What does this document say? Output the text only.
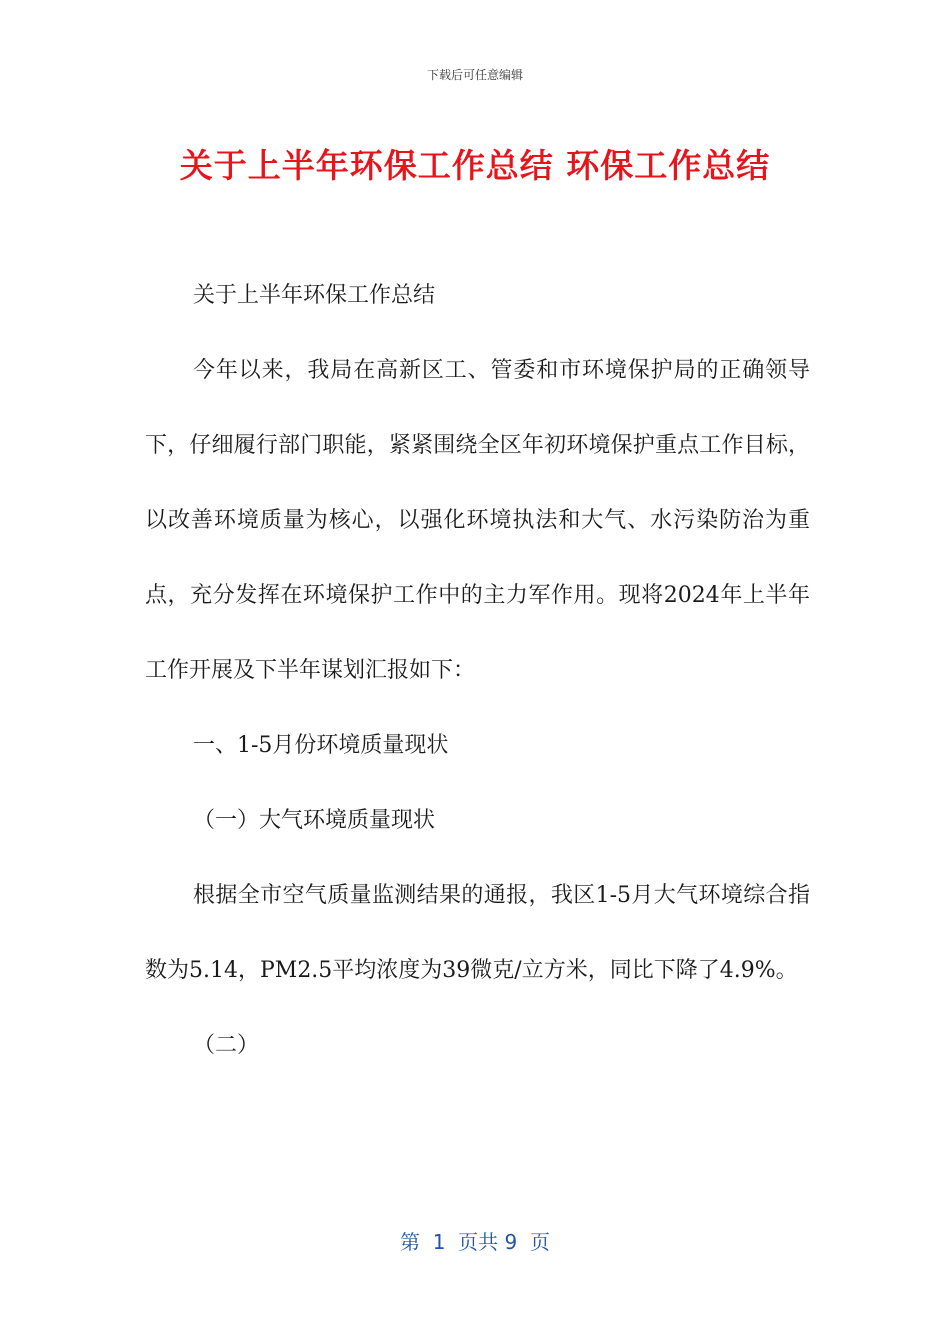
下载后可任意编辑
关于上半年环保工作总结 环保工作总结

关于上半年环保工作总结

今年以来，我局在高新区工、管委和市环境保护局的正确领导下，仔细履行部门职能，紧紧围绕全区年初环境保护重点工作目标，以改善环境质量为核心，以强化环境执法和大气、水污染防治为重点，充分发挥在环境保护工作中的主力军作用。现将2024年上半年工作开展及下半年谋划汇报如下：

一、1-5月份环境质量现状

（一）大气环境质量现状

根据全市空气质量监测结果的通报，我区1-5月大气环境综合指数为5.14，PM2.5平均浓度为39微克/立方米，同比下降了4.9%。

（二）

第  1  页共 9  页
